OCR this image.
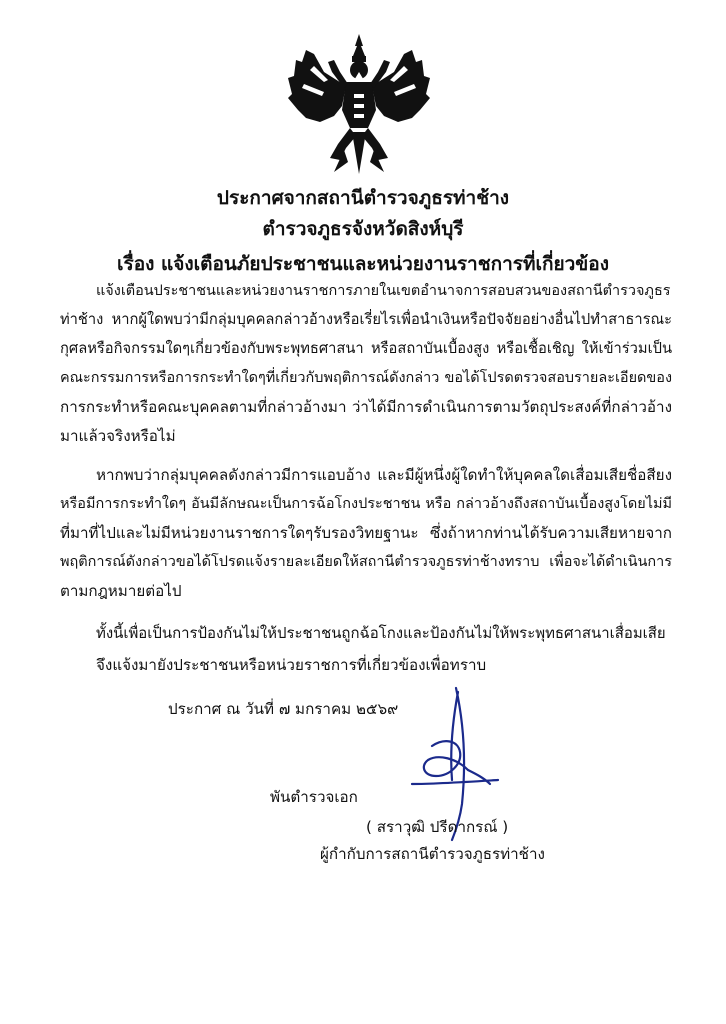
ประกาศจากสถานีตำรวจภูธรท่าช้าง
ตำรวจภูธรจังหวัดสิงห์บุรี
เรื่อง แจ้งเตือนภัยประชาชนและหน่วยงานราชการที่เกี่ยวข้อง
แจ้งเตือนประชาชนและหน่วยงานราชการภายในเขตอำนาจการสอบสวนของสถานีตำรวจภูธร
ท่าช้าง หากผู้ใดพบว่ามีกลุ่มบุคคลกล่าวอ้างหรือเรี่ยไรเพื่อนำเงินหรือปัจจัยอย่างอื่นไปทำสาธารณะ
กุศลหรือกิจกรรมใดๆเกี่ยวข้องกับพระพุทธศาสนา หรือสถาบันเบื้องสูง หรือเชื้อเชิญ ให้เข้าร่วมเป็น
คณะกรรมการหรือการกระทำใดๆที่เกี่ยวกับพฤติการณ์ดังกล่าว ขอได้โปรดตรวจสอบรายละเอียดของ
การกระทำหรือคณะบุคคลตามที่กล่าวอ้างมา ว่าได้มีการดำเนินการตามวัตถุประสงค์ที่กล่าวอ้าง
มาแล้วจริงหรือไม่
หากพบว่ากลุ่มบุคคลดังกล่าวมีการแอบอ้าง และมีผู้หนึ่งผู้ใดทำให้บุคคลใดเสื่อมเสียชื่อสียง
หรือมีการกระทำใดๆ อันมีลักษณะเป็นการฉ้อโกงประชาชน หรือ กล่าวอ้างถึงสถาบันเบื้องสูงโดยไม่มี
ที่มาที่ไปและไม่มีหน่วยงานราชการใดๆรับรองวิทยฐานะ ซึ่งถ้าหากท่านได้รับความเสียหายจาก
พฤติการณ์ดังกล่าวขอได้โปรดแจ้งรายละเอียดให้สถานีตำรวจภูธรท่าช้างทราบ เพื่อจะได้ดำเนินการ
ตามกฎหมายต่อไป
ทั้งนี้เพื่อเป็นการป้องกันไม่ให้ประชาชนถูกฉ้อโกงและป้องกันไม่ให้พระพุทธศาสนาเสื่อมเสีย
จึงแจ้งมายังประชาชนหรือหน่วยราชการที่เกี่ยวข้องเพื่อทราบ
ประกาศ ณ วันที่ ๗ มกราคม ๒๕๖๙
พันตำรวจเอก
( สราวุฒิ ปรีดากรณ์ )
ผู้กำกับการสถานีตำรวจภูธรท่าช้าง
